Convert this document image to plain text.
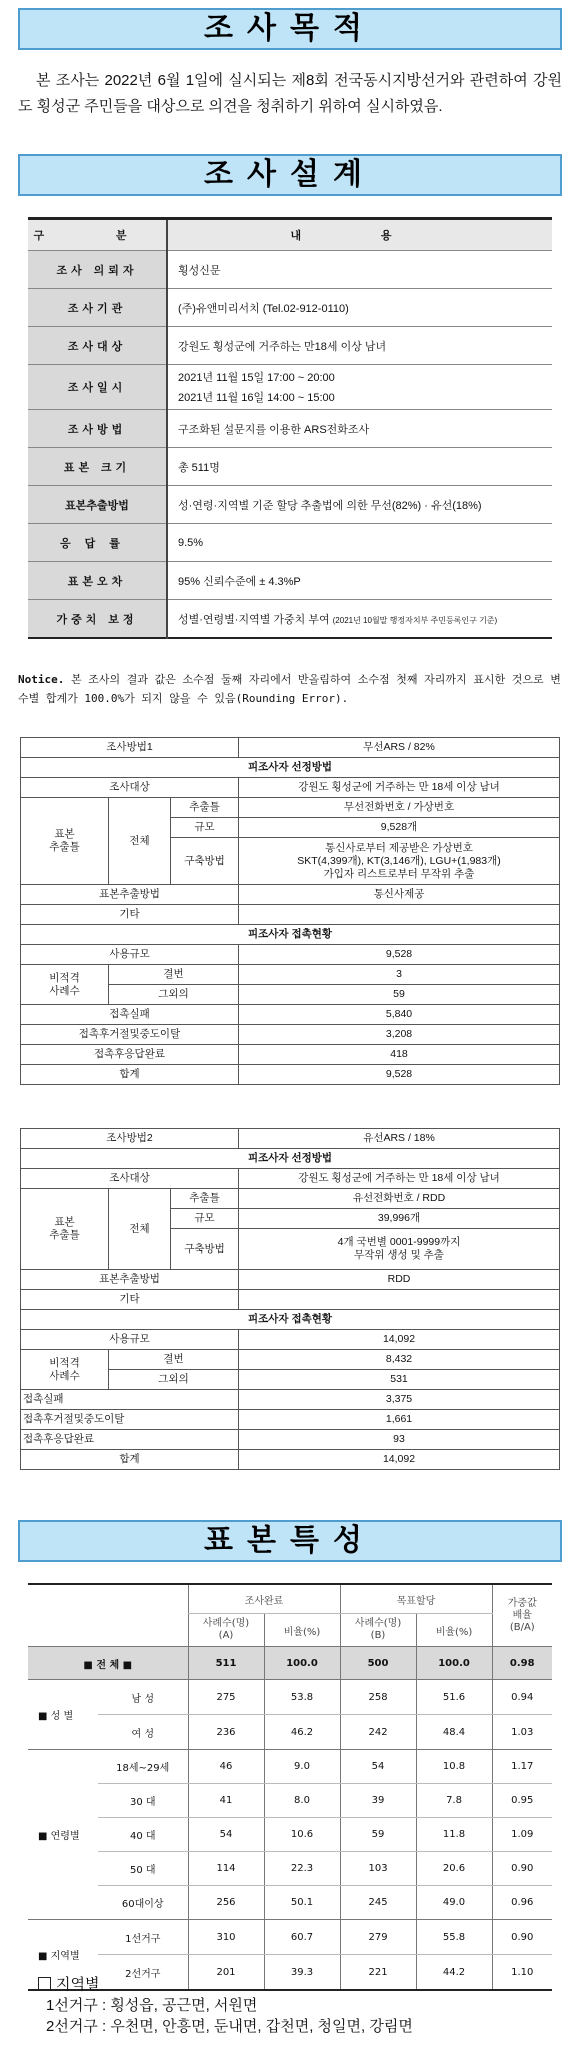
조사목적
본 조사는 2022년 6월 1일에 실시되는 제8회 전국동시지방선거와 관련하여 강원도 횡성군 주민들을 대상으로 의견을 청취하기 위하여 실시하였음.
조사설계
구 분	내 용
조사 의뢰자	횡성신문
조사기관	(주)유앤미리서치 (Tel.02-912-0110)
조사대상	강원도 횡성군에 거주하는 만18세 이상 남녀
조사일시	2021년 11월 15일 17:00 ~ 20:00
2021년 11월 16일 14:00 ~ 15:00

조사방법	구조화된 설문지를 이용한 ARS전화조사
표본 크기	총 511명
표본추출방법	성·연령·지역별 기준 할당 추출법에 의한 무선(82%) · 유선(18%)
응답률	9.5%
표본오차	95% 신뢰수준에 ± 4.3%P
가중치 보정	성별·연령별·지역별 가중치 부여 (2021년 10월말 행정자치부 주민등록인구 기준)
Notice. 본 조사의 결과 값은 소수점 둘째 자리에서 반올림하여 소수점 첫째 자리까지 표시한 것으로 변수별 합계가 100.0%가 되지 않을 수 있음(Rounding Error).
조사방법1			무선ARS / 82%
피조사자 선정방법			
조사대상			강원도 횡성군에 거주하는 만 18세 이상 남녀
표본
추출틀	전체	추출틀	무선전화번호 / 가상번호
		규모	9,528개
		구축방법	통신사로부터 제공받은 가상번호
SKT(4,399개), KT(3,146개), LGU+(1,983개)
가입자 리스트로부터 무작위 추출

표본추출방법			통신사제공
기타			
피조사자 접촉현황			
사용규모			9,528
비적격
사례수	결번		3
	그외의		59
접촉실패			5,840
접촉후거절및중도이탈			3,208
접촉후응답완료			418
합계			9,528
조사방법2			유선ARS / 18%
피조사자 선정방법			
조사대상			강원도 횡성군에 거주하는 만 18세 이상 남녀
표본
추출틀	전체	추출틀	유선전화번호 / RDD
		규모	39,996개
		구축방법	4개 국번별 0001-9999까지
무작위 생성 및 추출

표본추출방법			RDD
기타			
피조사자 접촉현황			
사용규모			14,092
비적격
사례수	결번		8,432
	그외의		531
접촉실패			3,375
접촉후거절및중도이탈			1,661
접촉후응답완료			93
합계			14,092
표본특성
		조사완료		목표할당		가중값
배율
(B/A)
		사례수(명)
(A)	비율(%)	사례수(명)
(B)	비율(%)	
■ 전 체 ■		511	100.0	500	100.0	0.98
■ 성 별	남 성	275	53.8	258	51.6	0.94
	여 성	236	46.2	242	48.4	1.03
■ 연령별	18세~29세	46	9.0	54	10.8	1.17
	30 대	41	8.0	39	7.8	0.95
	40 대	54	10.6	59	11.8	1.09
	50 대	114	22.3	103	20.6	0.90
	60대이상	256	50.1	245	49.0	0.96
■ 지역별	1선거구	310	60.7	279	55.8	0.90
	2선거구	201	39.3	221	44.2	1.10
지역별
1선거구 : 횡성읍, 공근면, 서원면
2선거구 : 우천면, 안흥면, 둔내면, 갑천면, 청일면, 강림면
